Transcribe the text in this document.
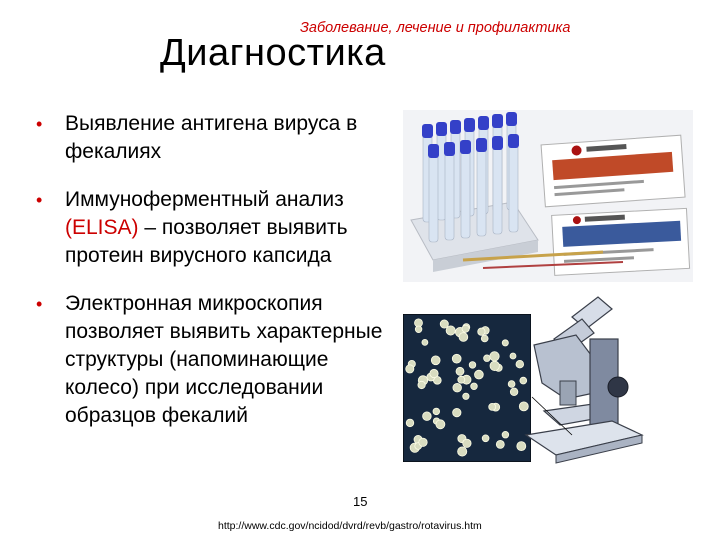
Заболевание, лечение и профилактика
Диагностика
• Выявление антигена вируса в фекалиях
• Иммуноферментный анализ (ELISA) – позволяет выявить протеин вирусного капсида
• Электронная микроскопия позволяет выявить характерные структуры (напоминающие колесо) при исследовании образцов фекалий
15
http://www.cdc.gov/ncidod/dvrd/revb/gastro/rotavirus.htm
